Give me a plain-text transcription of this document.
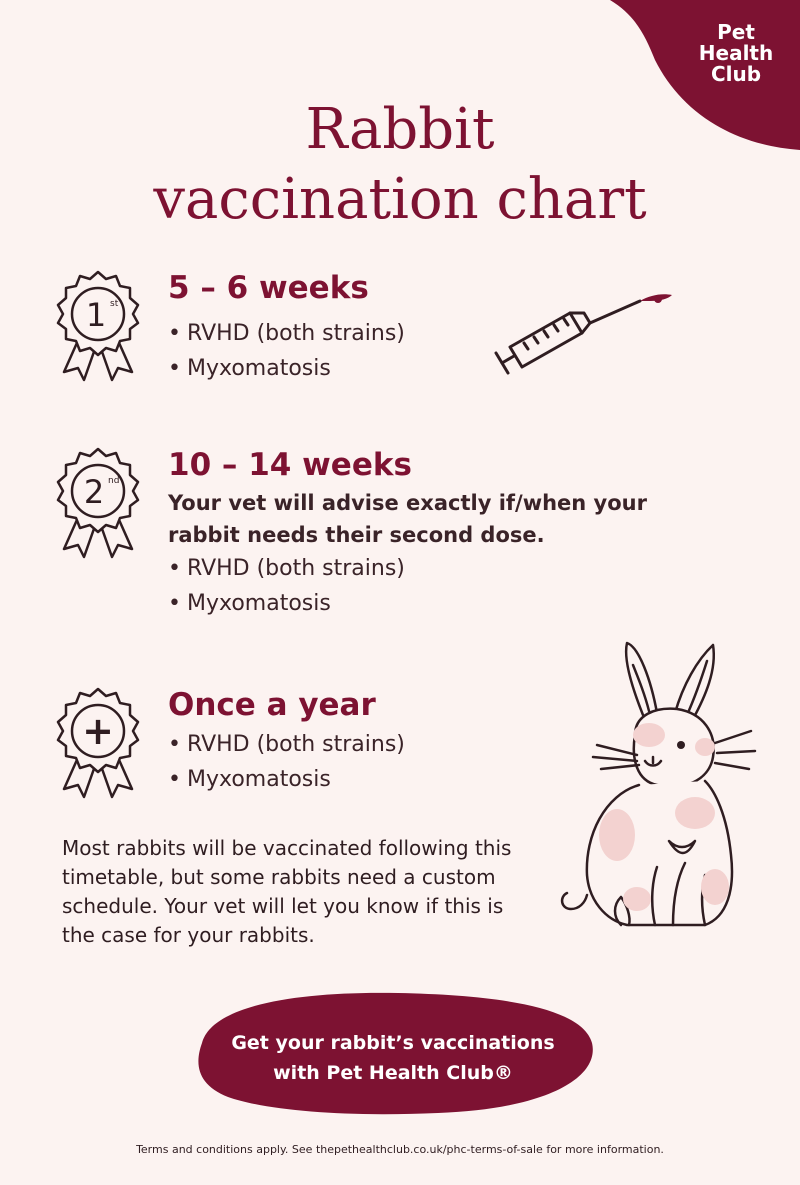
Pet
Health
Club
Rabbit
vaccination chart
1 st 5 – 6 weeks
• RVHD (both strains)
• Myxomatosis
2 nd 10 – 14 weeks
Your vet will advise exactly if/when your rabbit needs their second dose.
• RVHD (both strains)
• Myxomatosis
+
Once a year
• RVHD (both strains)
• Myxomatosis
Most rabbits will be vaccinated following this timetable, but some rabbits need a custom schedule. Your vet will let you know if this is the case for your rabbits.
Get your rabbit’s vaccinations
with Pet Health Club®
Terms and conditions apply. See thepethealthclub.co.uk/phc-terms-of-sale for more information.
